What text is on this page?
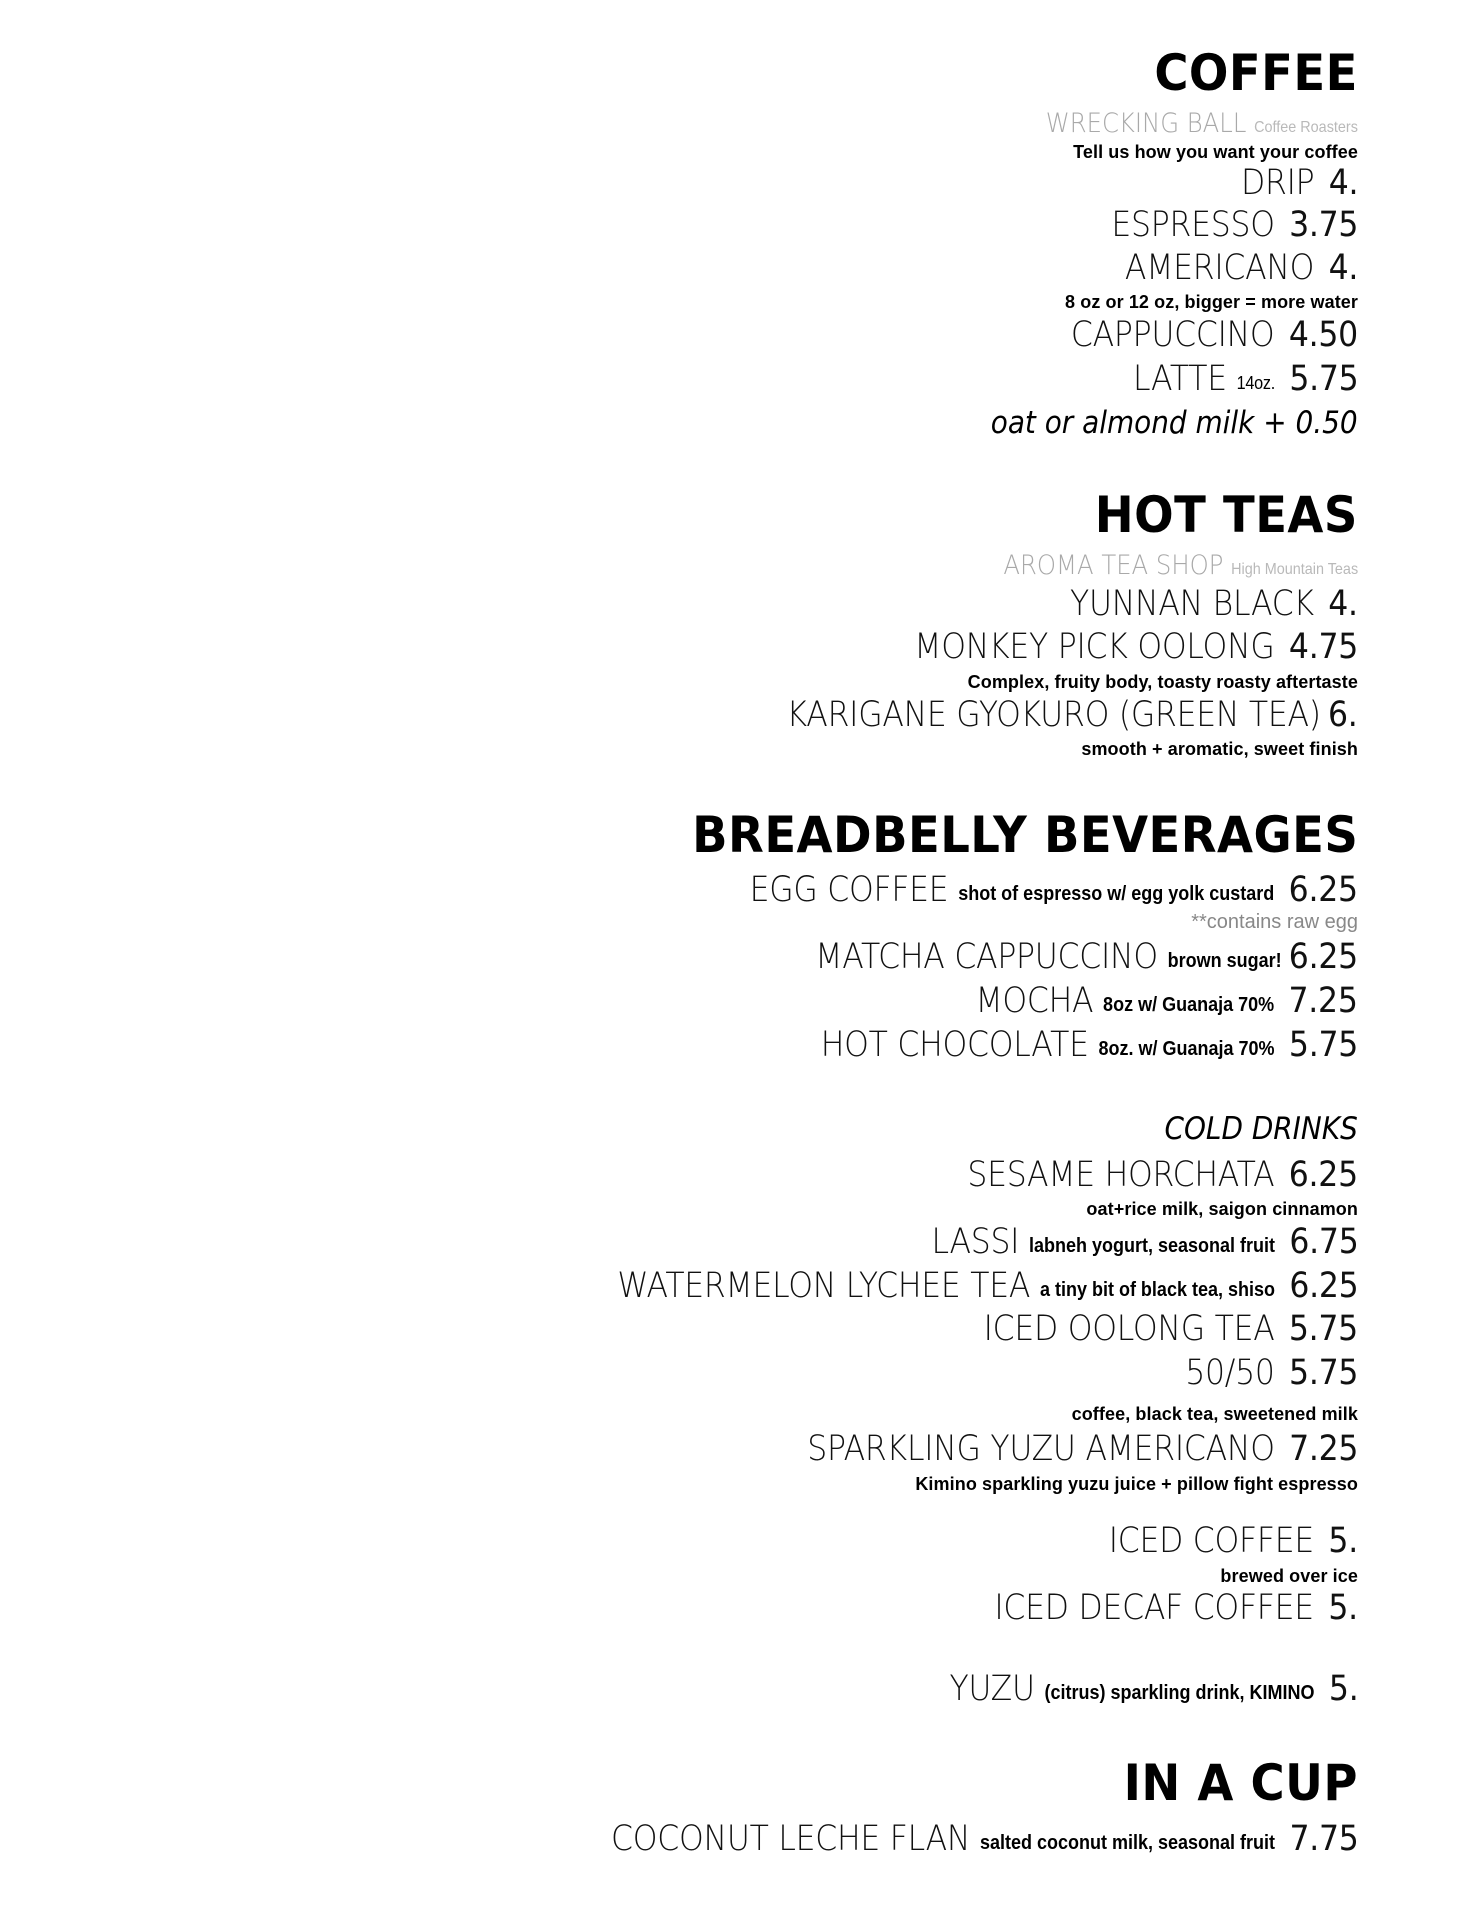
COFFEE
WRECKING BALL Coffee Roasters
Tell us how you want your coffee
DRIP 4.
ESPRESSO 3.75
AMERICANO 4.
8 oz or 12 oz, bigger = more water
CAPPUCCINO 4.50
LATTE 14oz. 5.75
oat or almond milk + 0.50
HOT TEAS
AROMA TEA SHOP High Mountain Teas
YUNNAN BLACK 4.
MONKEY PICK OOLONG 4.75
Complex, fruity body, toasty roasty aftertaste
KARIGANE GYOKURO (GREEN TEA) 6.
smooth + aromatic, sweet finish
BREADBELLY BEVERAGES
EGG COFFEE shot of espresso w/ egg yolk custard 6.25
**contains raw egg
MATCHA CAPPUCCINO brown sugar! 6.25
MOCHA 8oz w/ Guanaja 70% 7.25
HOT CHOCOLATE 8oz. w/ Guanaja 70% 5.75
COLD DRINKS
SESAME HORCHATA 6.25
oat+rice milk, saigon cinnamon
LASSI labneh yogurt, seasonal fruit 6.75
WATERMELON LYCHEE TEA a tiny bit of black tea, shiso 6.25
ICED OOLONG TEA 5.75
50/50 5.75
coffee, black tea, sweetened milk
SPARKLING YUZU AMERICANO 7.25
Kimino sparkling yuzu juice + pillow fight espresso
ICED COFFEE 5.
brewed over ice
ICED DECAF COFFEE 5.
YUZU (citrus) sparkling drink, KIMINO 5.
IN A CUP
COCONUT LECHE FLAN salted coconut milk, seasonal fruit 7.75
